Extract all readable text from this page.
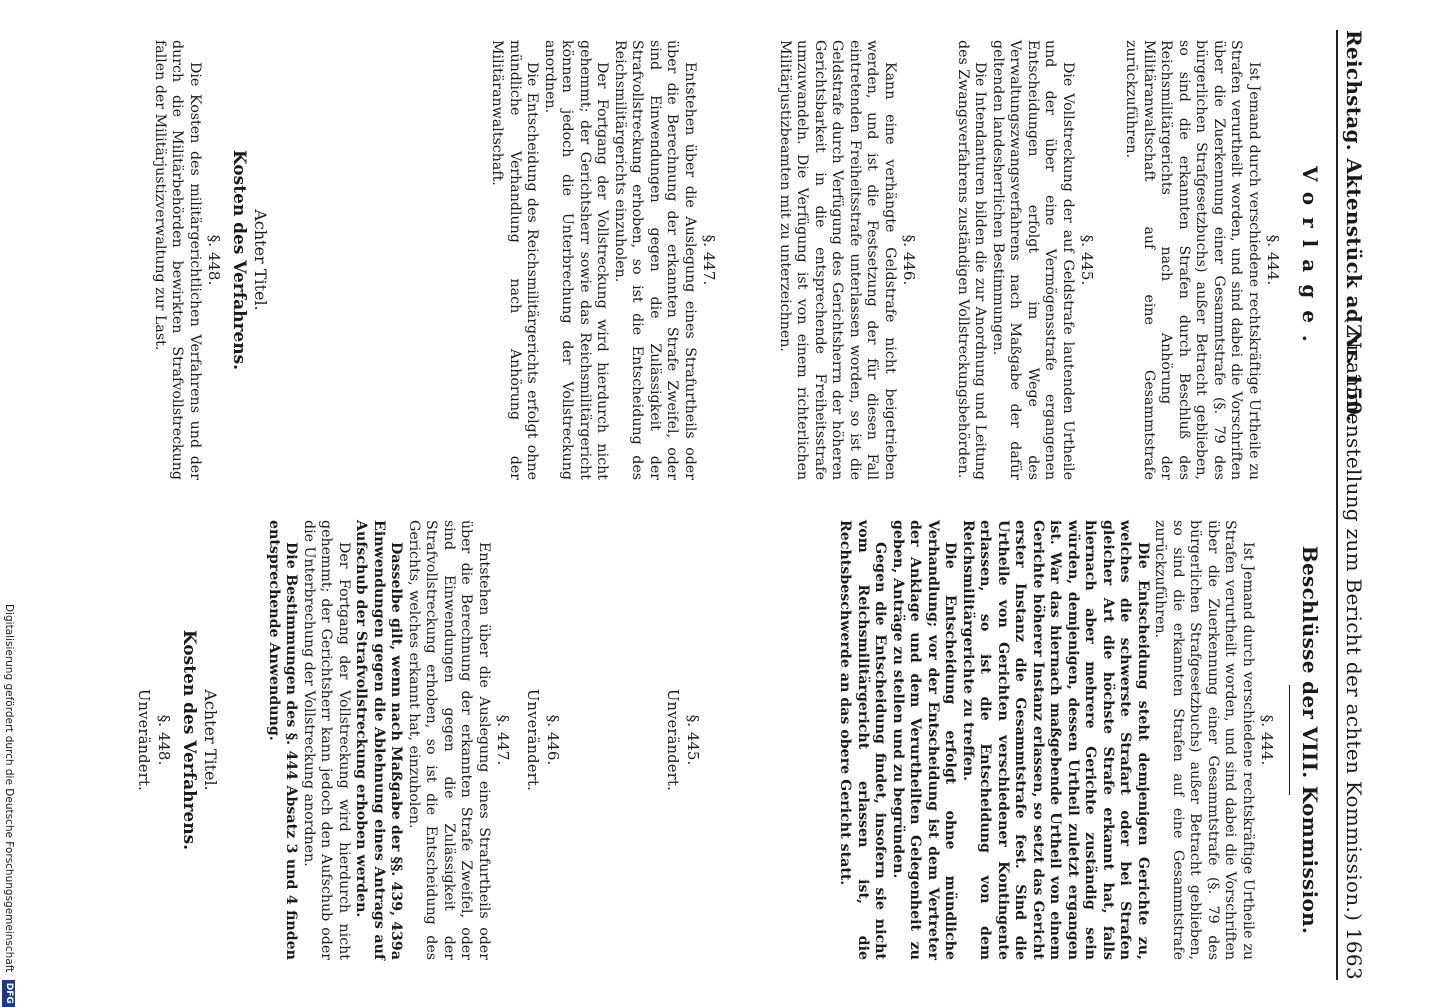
Reichstag. Aktenstück ad Nr. 150.
(Zusammenstellung zum Bericht der achten Kommission.) 1663
Vorlage.
§. 444.

Ist Jemand durch verschiedene rechtskräftige Urtheile zu Strafen verurtheilt worden, und sind dabei die Vorschriften über die Zuerkennung einer Gesammtstrafe (§. 79 des bürgerlichen Strafgesetzbuchs) außer Betracht geblieben, so sind die erkannten Strafen durch Beschluß des Reichsmilitärgerichts nach Anhörung der Militäranwaltschaft auf eine Gesammtstrafe zurückzuführen.

§. 445.

Die Vollstreckung der auf Geldstrafe lautenden Urtheile und der über eine Vermögensstrafe ergangenen Entscheidungen erfolgt im Wege des Verwaltungszwangsverfahrens nach Maßgabe der dafür geltenden landesherrlichen Bestimmungen.

Die Intendanturen bilden die zur Anordnung und Leitung des Zwangsverfahrens zuständigen Vollstreckungsbehörden.

§. 446.

Kann eine verhängte Geldstrafe nicht beigetrieben werden, und ist die Festsetzung der für diesen Fall eintretenden Freiheitsstrafe unterlassen worden, so ist die Geldstrafe durch Verfügung des Gerichtsherrn der höheren Gerichtsbarkeit in die entsprechende Freiheitsstrafe umzuwandeln. Die Verfügung ist von einem richterlichen Militärjustizbeamten mit zu unterzeichnen.

§. 447.

Entstehen über die Auslegung eines Strafurtheils oder über die Berechnung der erkannten Strafe Zweifel, oder sind Einwendungen gegen die Zulässigkeit der Strafvollstreckung erhoben, so ist die Entscheidung des Reichsmilitärgerichts einzuholen.

Der Fortgang der Vollstreckung wird hierdurch nicht gehemmt; der Gerichtsherr sowie das Reichsmilitärgericht können jedoch die Unterbrechung der Vollstreckung anordnen.

Die Entscheidung des Reichsmilitärgerichts erfolgt ohne mündliche Verhandlung nach Anhörung der Militäranwaltschaft.

Achter Titel.
Kosten des Verfahrens.
§. 448.

Die Kosten des militärgerichtlichen Verfahrens und der durch die Militärbehörden bewirkten Strafvollstreckung fallen der Militärjustizverwaltung zur Last.

Beschlüsse der VIII. Kommission.
§. 444.

Ist Jemand durch verschiedene rechtskräftige Urtheile zu Strafen verurtheilt worden, und sind dabei die Vorschriften über die Zuerkennung einer Gesammtstrafe (§. 79 des bürgerlichen Strafgesetzbuchs) außer Betracht geblieben, so sind die erkannten Strafen auf eine Gesammtstrafe zurückzuführen.

Die Entscheidung steht demjenigen Gerichte zu, welches die schwerste Strafart oder bei Strafen gleicher Art die höchste Strafe erkannt hat, falls hiernach aber mehrere Gerichte zuständig sein würden, demjenigen, dessen Urtheil zuletzt ergangen ist. War das hiernach maßgebende Urtheil von einem Gerichte höherer Instanz erlassen, so setzt das Gericht erster Instanz die Gesammtstrafe fest. Sind die Urtheile von Gerichten verschiedener Kontingente erlassen, so ist die Entscheidung von dem Reichsmilitärgerichte zu treffen.

Die Entscheidung erfolgt ohne mündliche Verhandlung; vor der Entscheidung ist dem Vertreter der Anklage und dem Verurtheilten Gelegenheit zu geben, Anträge zu stellen und zu begründen.

Gegen die Entscheidung findet, insofern sie nicht vom Reichsmilitärgericht erlassen ist, die Rechtsbeschwerde an das obere Gericht statt.

§. 445.
Unverändert.
§. 446.
Unverändert.
§. 447.

Entstehen über die Auslegung eines Strafurtheils oder über die Berechnung der erkannten Strafe Zweifel, oder sind Einwendungen gegen die Zulässigkeit der Strafvollstreckung erhoben, so ist die Entscheidung des Gerichts, welches erkannt hat, einzuholen.

Dasselbe gilt, wenn nach Maßgabe der §§. 439, 439a Einwendungen gegen die Ablehnung eines Antrags auf Aufschub der Strafvollstreckung erhoben werden.

Der Fortgang der Vollstreckung wird hierdurch nicht gehemmt; der Gerichtsherr kann jedoch den Aufschub oder die Unterbrechung der Vollstreckung anordnen.

Die Bestimmungen des §. 444 Absatz 3 und 4 finden entsprechende Anwendung.

Achter Titel.
Kosten des Verfahrens.
§. 448.
Unverändert.
Digitalisierung gefördert durch die Deutsche Forschungsgemeinschaft DFG
